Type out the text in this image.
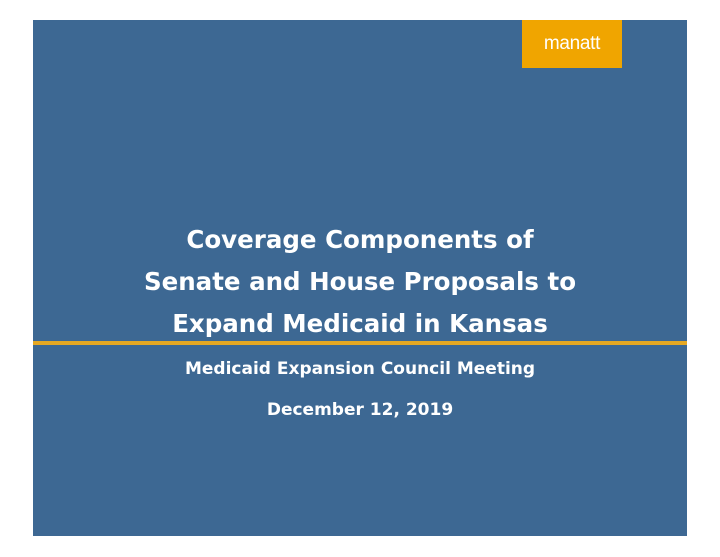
manatt
Coverage Components of
Senate and House Proposals to
Expand Medicaid in Kansas
Medicaid Expansion Council Meeting
December 12, 2019
